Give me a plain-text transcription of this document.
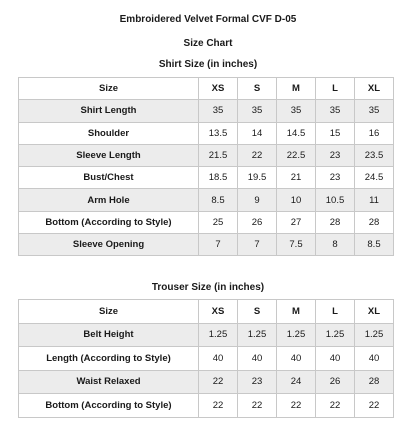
Embroidered Velvet Formal CVF D-05
Size Chart
Shirt Size (in inches)
Size	XS	S	M	L	XL
Shirt Length	35	35	35	35	35
Shoulder	13.5	14	14.5	15	16
Sleeve Length	21.5	22	22.5	23	23.5
Bust/Chest	18.5	19.5	21	23	24.5
Arm Hole	8.5	9	10	10.5	11
Bottom (According to Style)	25	26	27	28	28
Sleeve Opening	7	7	7.5	8	8.5
Trouser Size (in inches)
Size	XS	S	M	L	XL
Belt Height	1.25	1.25	1.25	1.25	1.25
Length (According to Style)	40	40	40	40	40
Waist Relaxed	22	23	24	26	28
Bottom (According to Style)	22	22	22	22	22
